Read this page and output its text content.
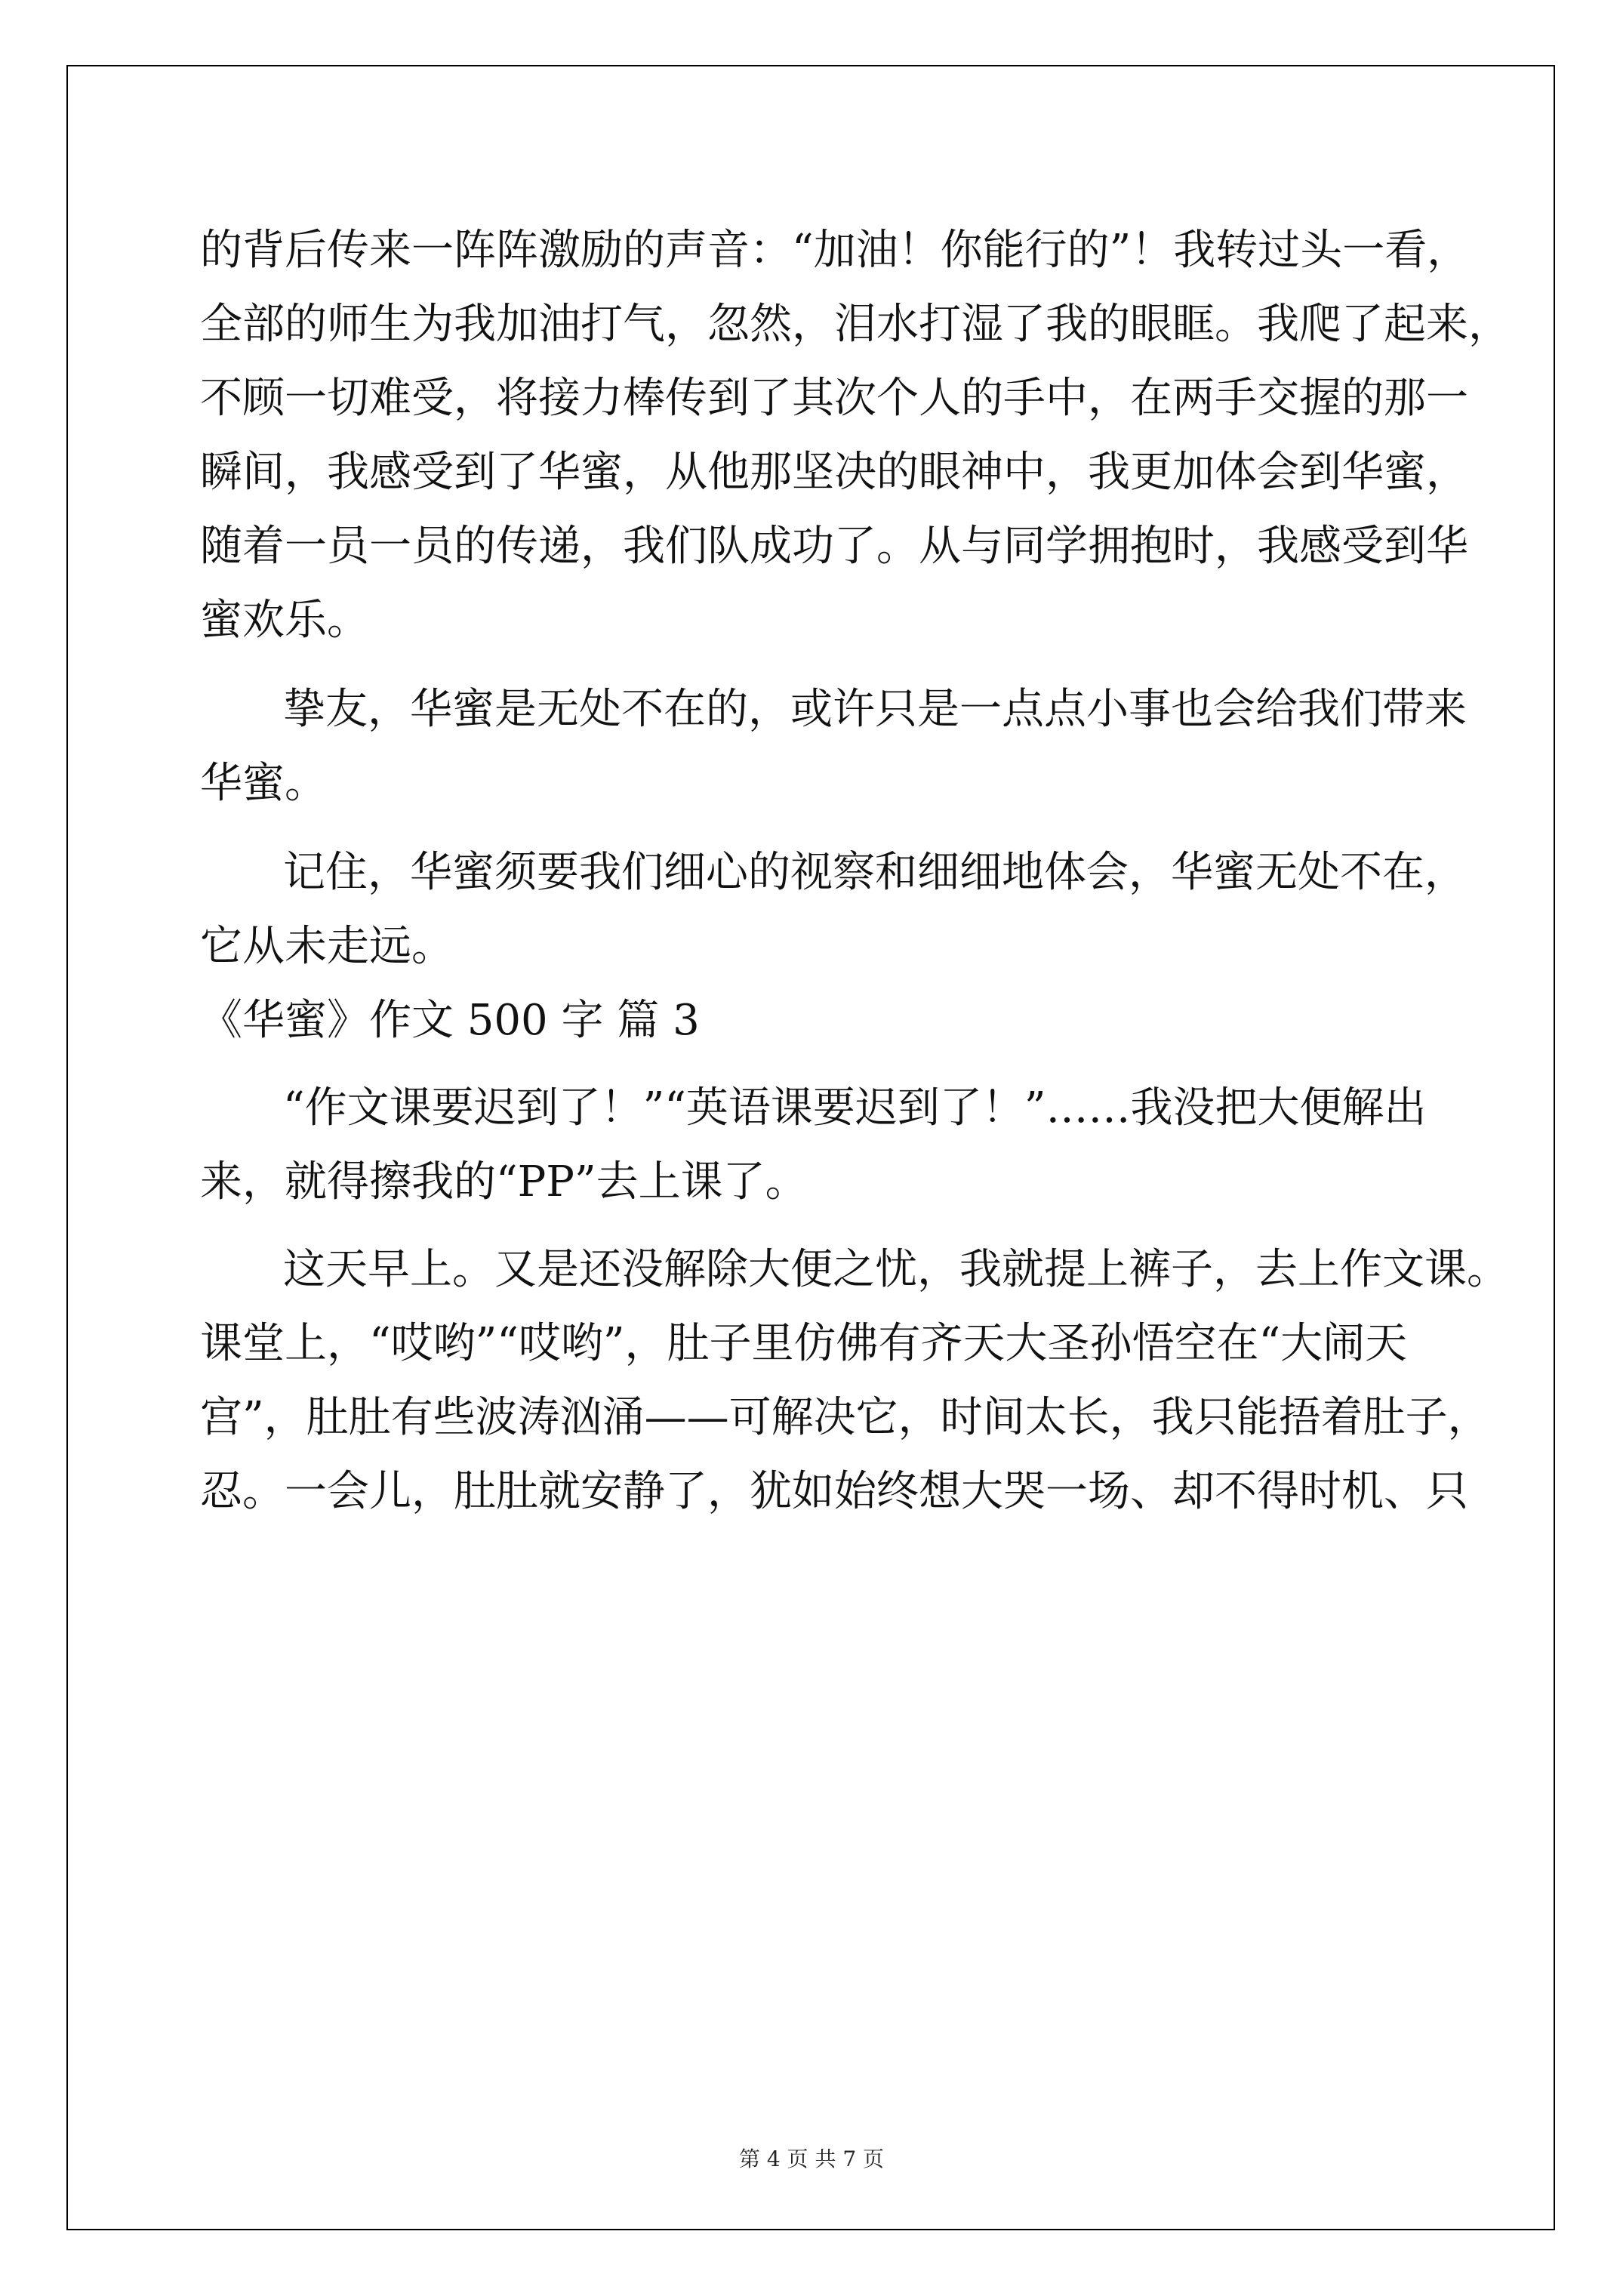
的背后传来一阵阵激励的声音：“加油！你能行的”！我转过头一看，
全部的师生为我加油打气，忽然，泪水打湿了我的眼眶。我爬了起来，
不顾一切难受，将接力棒传到了其次个人的手中，在两手交握的那一
瞬间，我感受到了华蜜，从他那坚决的眼神中，我更加体会到华蜜，
随着一员一员的传递，我们队成功了。从与同学拥抱时，我感受到华
蜜欢乐。
挚友，华蜜是无处不在的，或许只是一点点小事也会给我们带来
华蜜。
记住，华蜜须要我们细心的视察和细细地体会，华蜜无处不在，
它从未走远。
《华蜜》作文 500 字 篇 3
“作文课要迟到了！”“英语课要迟到了！”……我没把大便解出
来，就得擦我的“PP”去上课了。
这天早上。又是还没解除大便之忧，我就提上裤子，去上作文课。
课堂上，“哎哟”“哎哟”，肚子里仿佛有齐天大圣孙悟空在“大闹天
宫”，肚肚有些波涛汹涌——可解决它，时间太长，我只能捂着肚子，
忍。一会儿，肚肚就安静了，犹如始终想大哭一场、却不得时机、只
第 4 页 共 7 页
